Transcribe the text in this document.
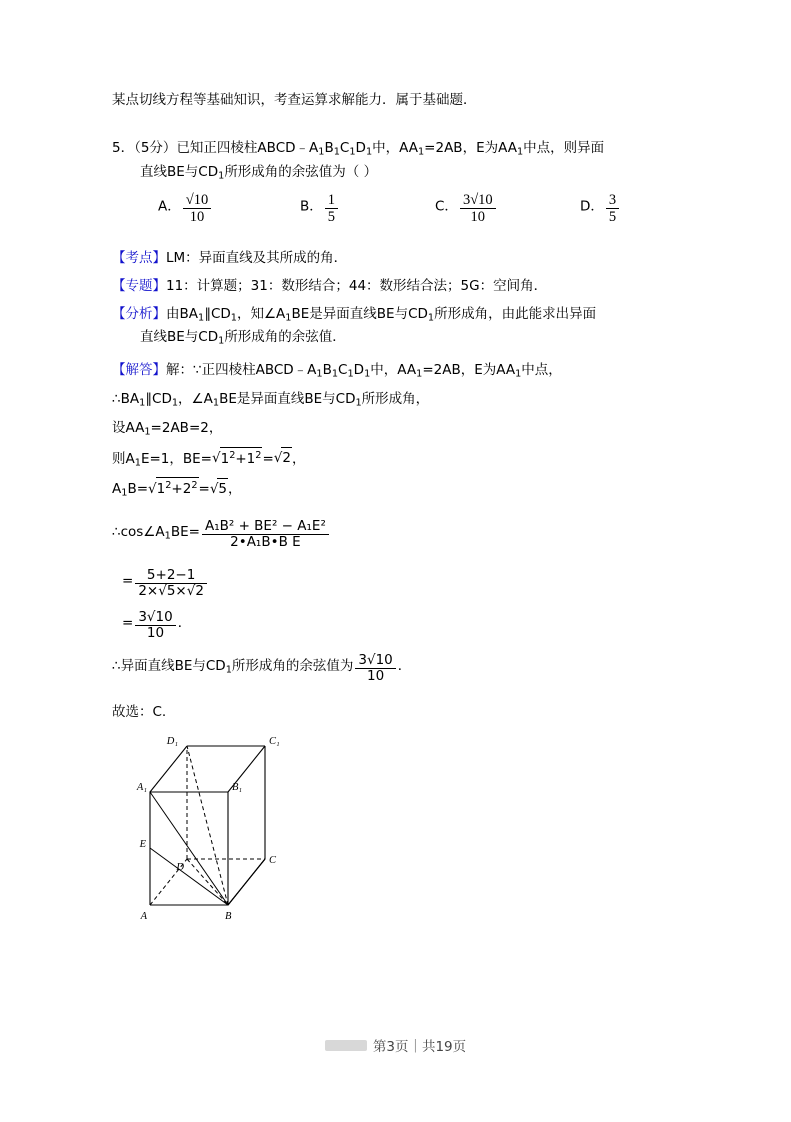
某点切线方程等基础知识，考查运算求解能力．属于基础题．
5．（5分）已知正四棱柱$ABCD﹣A_1B_1C_1D_1$中，$AA_1=2AB$，E为$AA_1$中点，则异面
直线BE与$CD_1$所形成角的余弦值为（ ）
A． $\frac{√10}{10}$	B． $\frac{1}{5}$	C． $\frac{3√10}{10}$	D． $\frac{3}{5}$
【考点】LM：异面直线及其所成的角．
【专题】11：计算题；31：数形结合；44：数形结合法；5G：空间角．
【分析】由$BA_1\parallel CD_1$，知$\angle A_1BE$是异面直线BE与$CD_1$所形成角，由此能求出异面
直线BE与$CD_1$所形成角的余弦值．
【解答】解：∵正四棱柱$ABCD﹣A_1B_1C_1D_1$中，$AA_1=2AB$，E为$AA_1$中点，
$\therefore BA_1\parallel CD_1$，$\angle A_1BE$是异面直线BE与$CD_1$所形成角，
设$AA_1=2AB=2$，
则$A_1E=1$，$BE=√1^2+1^2=√2$，
$A_1B=√1^2+2^2=√5$，
$\therefore\cos\angle A_1BE= \frac{\text{A₁B² + BE² − A₁E²}}{\text{2•A₁B•B E}}$
= $\frac{5+2-1}{2\times√5\times√2}$
= $\frac{3√10}{10}$ ．
∴异面直线BE与$CD_1$所形成角的余弦值为 $\frac{3√10}{10}$ ．
故选：C.
D₁	C₁
A₁	B₁
E
D
C
A	B
第3页｜共19页
